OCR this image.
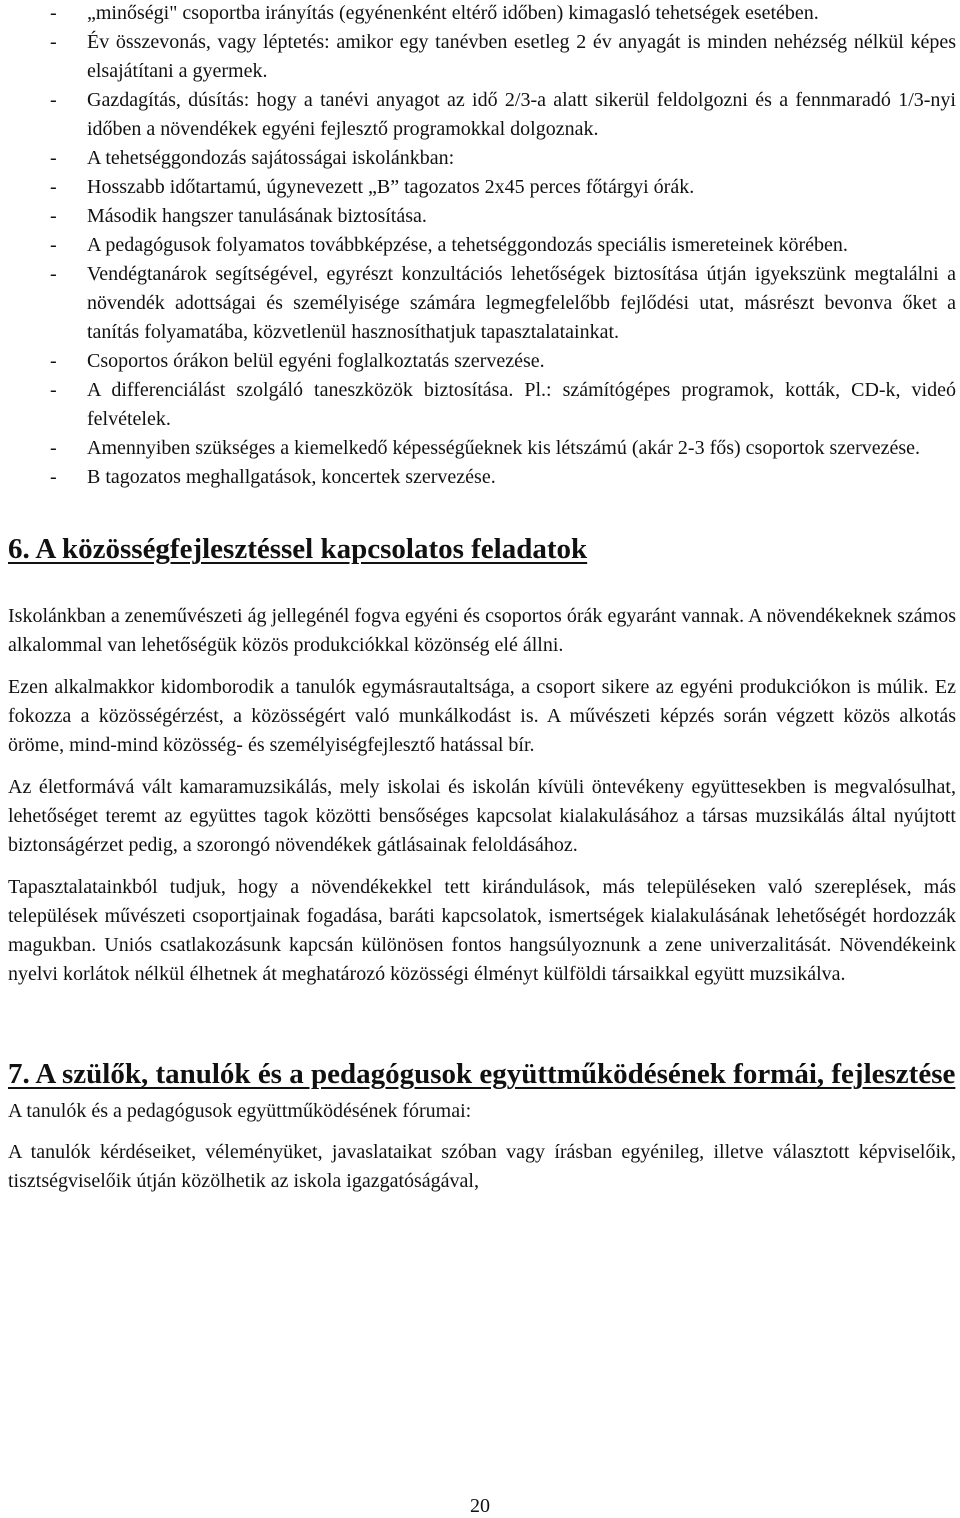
- „minőségi" csoportba irányítás (egyénenként eltérő időben) kimagasló tehetségek esetében.
- Év összevonás, vagy léptetés: amikor egy tanévben esetleg 2 év anyagát is minden nehézség nélkül képes elsajátítani a gyermek.
- Gazdagítás, dúsítás: hogy a tanévi anyagot az idő 2/3-a alatt sikerül feldolgozni és a fennmaradó 1/3-nyi időben a növendékek egyéni fejlesztő programokkal dolgoznak.
- A tehetséggondozás sajátosságai iskolánkban:
- Hosszabb időtartamú, úgynevezett „B” tagozatos 2x45 perces főtárgyi órák.
- Második hangszer tanulásának biztosítása.
- A pedagógusok folyamatos továbbképzése, a tehetséggondozás speciális ismereteinek körében.
- Vendégtanárok segítségével, egyrészt konzultációs lehetőségek biztosítása útján igyekszünk megtalálni a növendék adottságai és személyisége számára legmegfelelőbb fejlődési utat, másrészt bevonva őket a tanítás folyamatába, közvetlenül hasznosíthatjuk tapasztalatainkat.
- Csoportos órákon belül egyéni foglalkoztatás szervezése.
- A differenciálást szolgáló taneszközök biztosítása. Pl.: számítógépes programok, kották, CD-k, videó felvételek.
- Amennyiben szükséges a kiemelkedő képességűeknek kis létszámú (akár 2-3 fős) csoportok szervezése.
- B tagozatos meghallgatások, koncertek szervezése.
6. A közösségfejlesztéssel kapcsolatos feladatok

Iskolánkban a zeneművészeti ág jellegénél fogva egyéni és csoportos órák egyaránt vannak. A növendékeknek számos alkalommal van lehetőségük közös produkciókkal közönség elé állni.

Ezen alkalmakkor kidomborodik a tanulók egymásrautaltsága, a csoport sikere az egyéni produkciókon is múlik. Ez fokozza a közösségérzést, a közösségért való munkálkodást is. A művészeti képzés során végzett közös alkotás öröme, mind-mind közösség- és személyiségfejlesztő hatással bír.

Az életformává vált kamaramuzsikálás, mely iskolai és iskolán kívüli öntevékeny együttesekben is megvalósulhat, lehetőséget teremt az együttes tagok közötti bensőséges kapcsolat kialakulásához a társas muzsikálás által nyújtott biztonságérzet pedig, a szorongó növendékek gátlásainak feloldásához.

Tapasztalatainkból tudjuk, hogy a növendékekkel tett kirándulások, más településeken való szereplések, más települések művészeti csoportjainak fogadása, baráti kapcsolatok, ismertségek kialakulásának lehetőségét hordozzák magukban. Uniós csatlakozásunk kapcsán különösen fontos hangsúlyoznunk a zene univerzalitását. Növendékeink nyelvi korlátok nélkül élhetnek át meghatározó közösségi élményt külföldi társaikkal együtt muzsikálva.

7. A szülők, tanulók és a pedagógusok együttműködésének formái, fejlesztése

A tanulók és a pedagógusok együttműködésének fórumai:

A tanulók kérdéseiket, véleményüket, javaslataikat szóban vagy írásban egyénileg, illetve választott képviselőik, tisztségviselőik útján közölhetik az iskola igazgatóságával,

20
